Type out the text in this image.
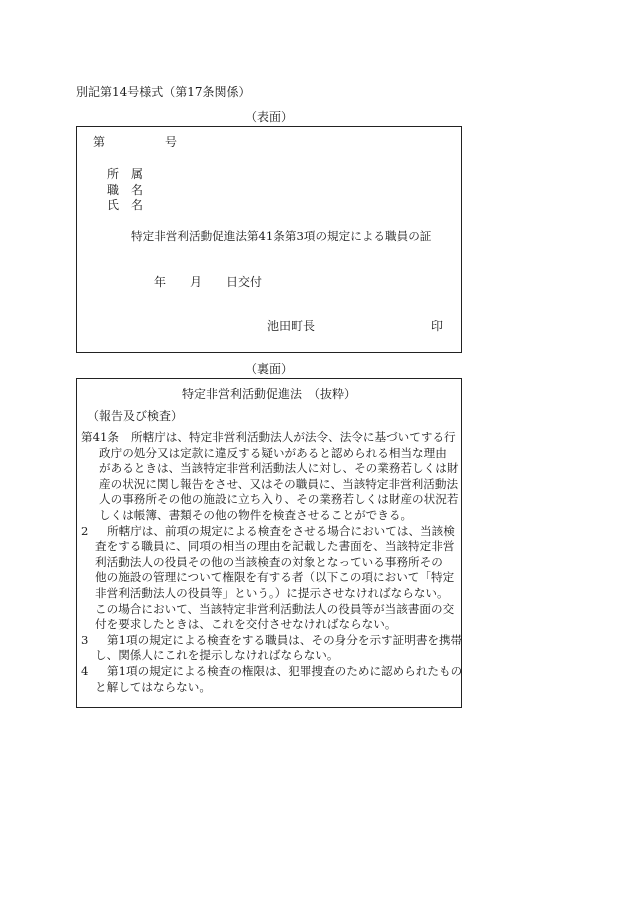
別記第14号様式（第17条関係）
（表面）
第	号
所　属
職　名
氏　名
特定非営利活動促進法第41条第3項の規定による職員の証
年 月 日交付
池田町長	印
（裏面）
特定非営利活動促進法　（抜粋）
（報告及び検査）
第41条 所轄庁は、特定非営利活動法人が法令、法令に基づいてする行
政庁の処分又は定款に違反する疑いがあると認められる相当な理由
があるときは、当該特定非営利活動法人に対し、その業務若しくは財
産の状況に関し報告をさせ、又はその職員に、当該特定非営利活動法
人の事務所その他の施設に立ち入り、その業務若しくは財産の状況若
しくは帳簿、書類その他の物件を検査させることができる。
2 所轄庁は、前項の規定による検査をさせる場合においては、当該検
査をする職員に、同項の相当の理由を記載した書面を、当該特定非営
利活動法人の役員その他の当該検査の対象となっている事務所その
他の施設の管理について権限を有する者（以下この項において「特定
非営利活動法人の役員等」という。）に提示させなければならない。
この場合において、当該特定非営利活動法人の役員等が当該書面の交
付を要求したときは、これを交付させなければならない。
3 第1項の規定による検査をする職員は、その身分を示す証明書を携帯
し、関係人にこれを提示しなければならない。
4 第1項の規定による検査の権限は、犯罪捜査のために認められたもの
と解してはならない。
